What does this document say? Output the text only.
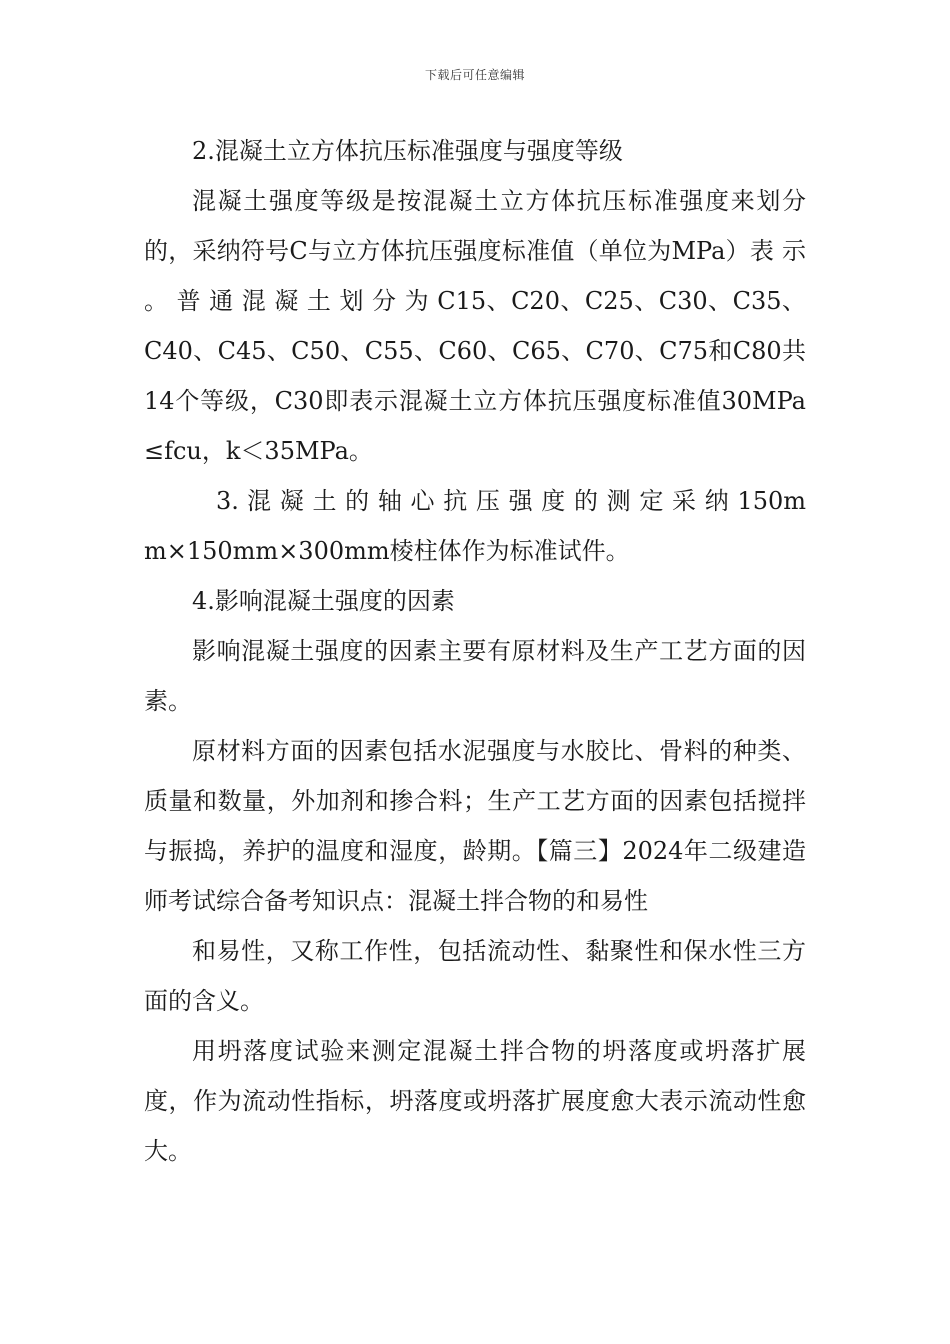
下载后可任意编辑

2.混凝土立方体抗压标准强度与强度等级

混凝土强度等级是按混凝土立方体抗压标准强度来划分的，采纳符号C与立方体抗压强度标准值（单位为MPa）表 示 。 普 通 混 凝 土 划 分 为 C15、C20、C25、C30、C35、C40、C45、C50、C55、C60、C65、C70、C75和C80共14个等级，C30即表示混凝土立方体抗压强度标准值30MPa≤fcu，k＜35MPa。

3. 混 凝 土 的 轴 心 抗 压 强 度 的 测 定 采 纳 150mm×150mm×300mm棱柱体作为标准试件。

4.影响混凝土强度的因素

影响混凝土强度的因素主要有原材料及生产工艺方面的因素。

原材料方面的因素包括水泥强度与水胶比、骨料的种类、质量和数量，外加剂和掺合料；生产工艺方面的因素包括搅拌与振捣，养护的温度和湿度，龄期。【篇三】2024年二级建造师考试综合备考知识点：混凝土拌合物的和易性

和易性，又称工作性，包括流动性、黏聚性和保水性三方面的含义。

用坍落度试验来测定混凝土拌合物的坍落度或坍落扩展度，作为流动性指标，坍落度或坍落扩展度愈大表示流动性愈大。
